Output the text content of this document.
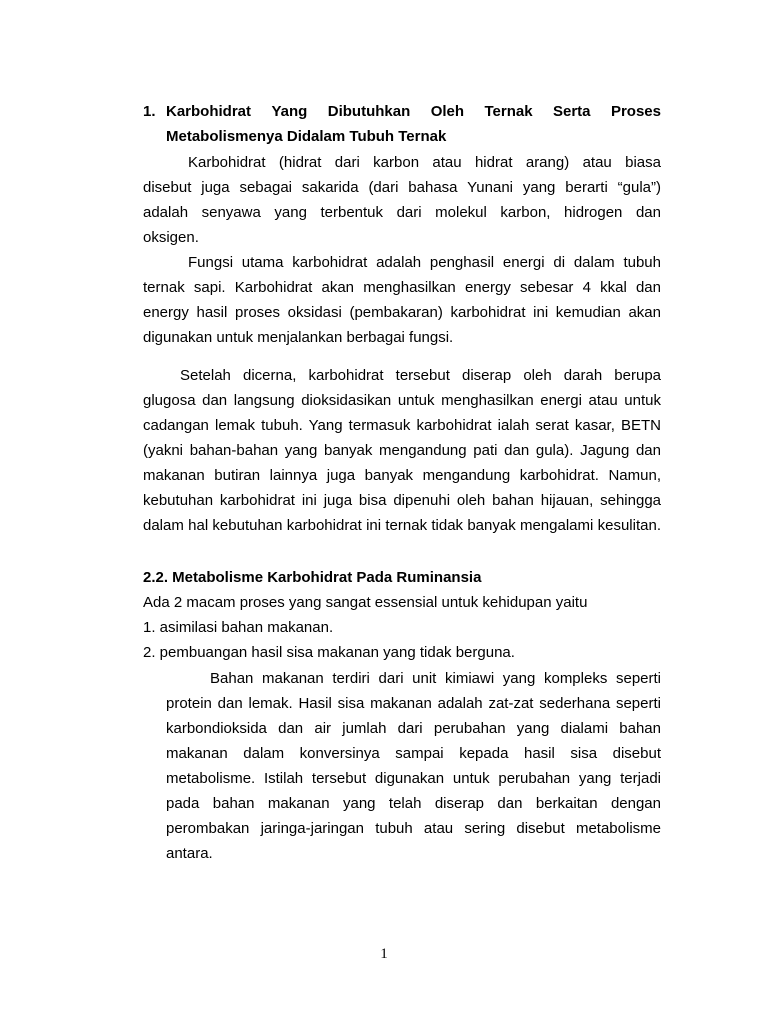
1. Karbohidrat Yang Dibutuhkan Oleh Ternak Serta Proses
Metabolismenya Didalam Tubuh Ternak
Karbohidrat (hidrat dari karbon atau hidrat arang) atau biasa
disebut juga sebagai sakarida (dari bahasa Yunani yang berarti “gula”)
adalah senyawa yang terbentuk dari molekul karbon, hidrogen dan
oksigen.
Fungsi utama karbohidrat adalah penghasil energi di dalam tubuh
ternak sapi. Karbohidrat akan menghasilkan energy sebesar 4 kkal dan
energy hasil proses oksidasi (pembakaran) karbohidrat ini kemudian akan
digunakan untuk menjalankan berbagai fungsi.
Setelah dicerna, karbohidrat tersebut diserap oleh darah berupa
glugosa dan langsung dioksidasikan untuk menghasilkan energi atau untuk
cadangan lemak tubuh. Yang termasuk karbohidrat ialah serat kasar, BETN
(yakni bahan-bahan yang banyak mengandung pati dan gula). Jagung dan
makanan butiran lainnya juga banyak mengandung karbohidrat. Namun,
kebutuhan karbohidrat ini juga bisa dipenuhi oleh bahan hijauan, sehingga
dalam hal kebutuhan karbohidrat ini ternak tidak banyak mengalami kesulitan.
2.2. Metabolisme Karbohidrat Pada Ruminansia
Ada 2 macam proses yang sangat essensial untuk kehidupan yaitu
1. asimilasi bahan makanan.
2. pembuangan hasil sisa makanan yang tidak berguna.
Bahan makanan terdiri dari unit kimiawi yang kompleks seperti
protein dan lemak. Hasil sisa makanan adalah zat-zat sederhana seperti
karbondioksida dan air jumlah dari perubahan yang dialami bahan
makanan dalam konversinya sampai kepada hasil sisa disebut
metabolisme. Istilah tersebut digunakan untuk perubahan yang terjadi
pada bahan makanan yang telah diserap dan berkaitan dengan
perombakan jaringa-jaringan tubuh atau sering disebut metabolisme
antara.
1
